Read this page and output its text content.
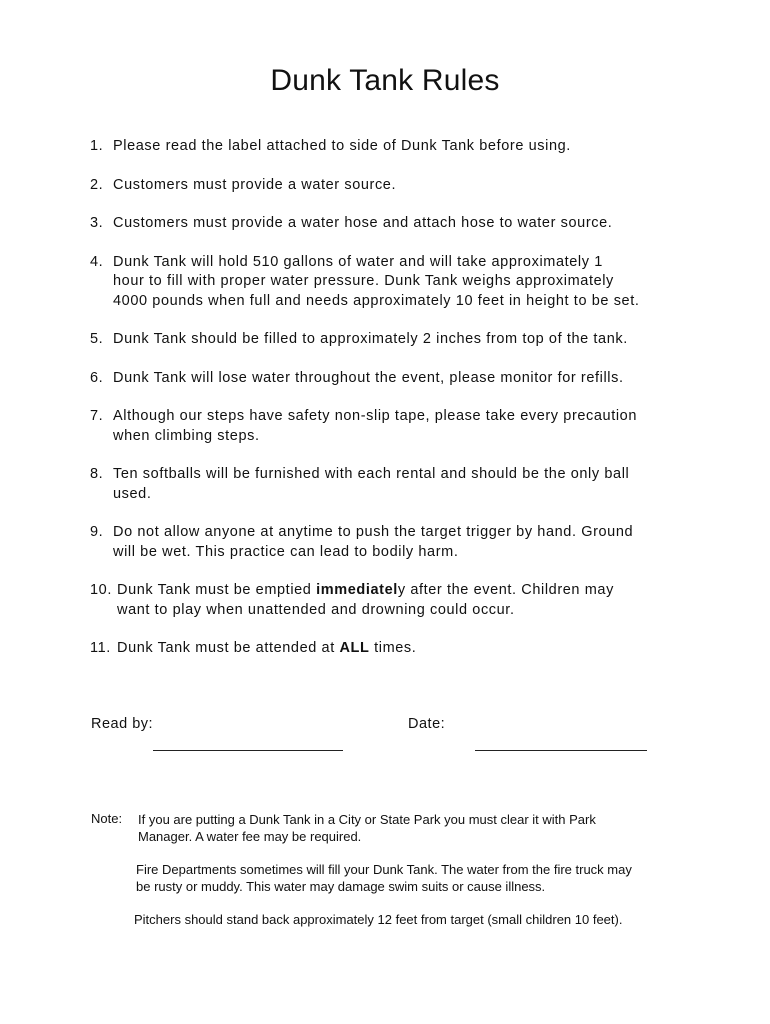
Dunk Tank Rules
1. Please read the label attached to side of Dunk Tank before using.
2. Customers must provide a water source.
3. Customers must provide a water hose and attach hose to water source.
4. Dunk Tank will hold 510 gallons of water and will take approximately 1
hour to fill with proper water pressure. Dunk Tank weighs approximately
4000 pounds when full and needs approximately 10 feet in height to be set.
5. Dunk Tank should be filled to approximately 2 inches from top of the tank.
6. Dunk Tank will lose water throughout the event, please monitor for refills.
7. Although our steps have safety non-slip tape, please take every precaution
when climbing steps.
8. Ten softballs will be furnished with each rental and should be the only ball
used.
9. Do not allow anyone at anytime to push the target trigger by hand. Ground
will be wet. This practice can lead to bodily harm.
10. Dunk Tank must be emptied immediately after the event. Children may
want to play when unattended and drowning could occur.
11. Dunk Tank must be attended at ALL times.
Read by:	Date:
Note: If you are putting a Dunk Tank in a City or State Park you must clear it with Park
Manager. A water fee may be required.
Fire Departments sometimes will fill your Dunk Tank. The water from the fire truck may
be rusty or muddy. This water may damage swim suits or cause illness.
Pitchers should stand back approximately 12 feet from target (small children 10 feet).
